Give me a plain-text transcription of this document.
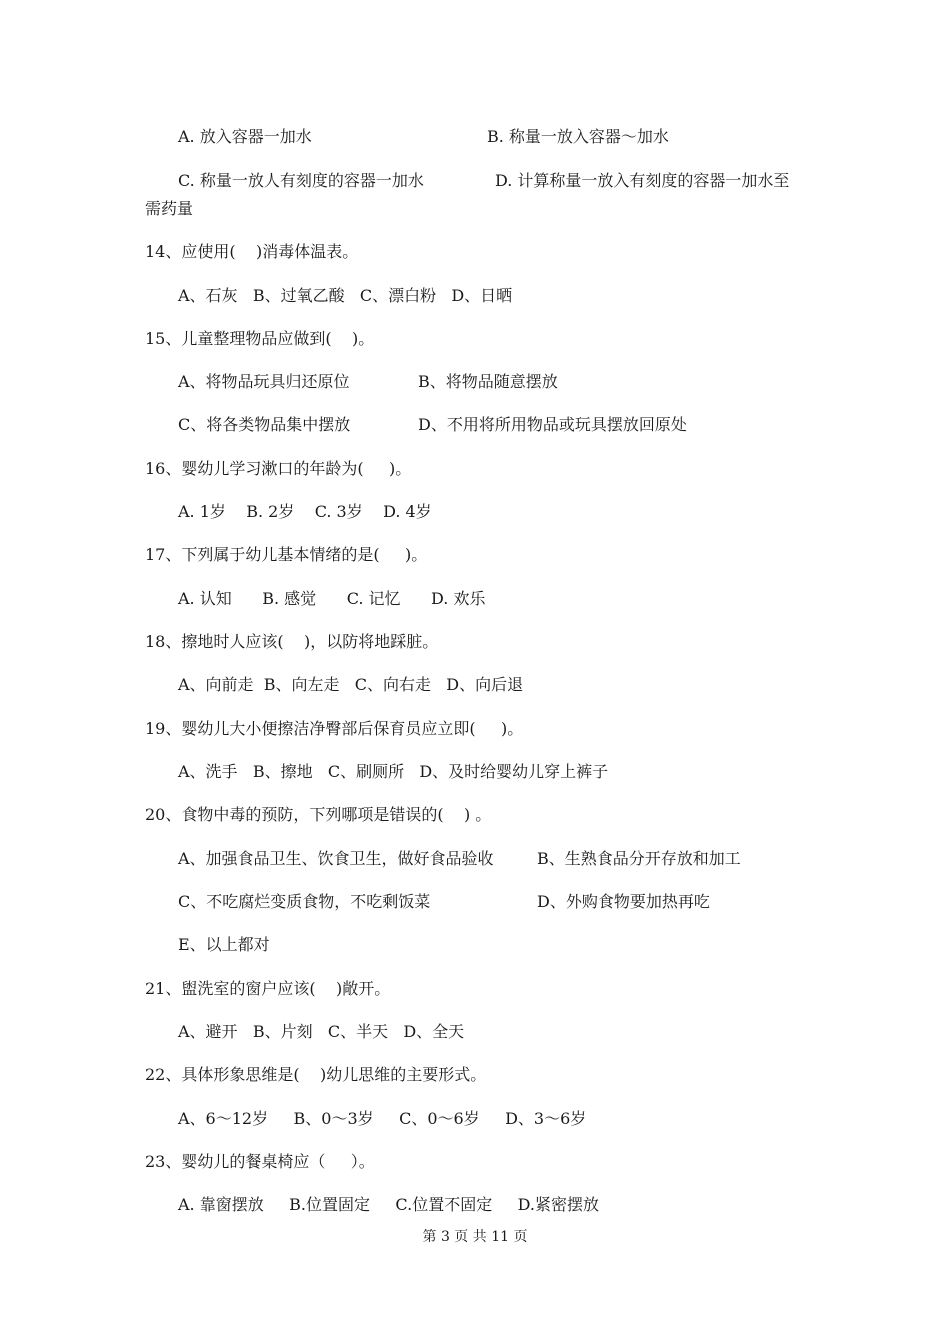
A. 放入容器一加水	B. 称量一放入容器～加水
C. 称量一放人有刻度的容器一加水	D. 计算称量一放入有刻度的容器一加水至
需药量
14、应使用(    )消毒体温表。
A、石灰   B、过氧乙酸   C、漂白粉   D、日晒
15、儿童整理物品应做到(    )。
A、将物品玩具归还原位	B、将物品随意摆放
C、将各类物品集中摆放	D、不用将所用物品或玩具摆放回原处
16、婴幼儿学习漱口的年龄为(     )。
A. 1岁    B. 2岁    C. 3岁    D. 4岁
17、下列属于幼儿基本情绪的是(     )。
A. 认知      B. 感觉      C. 记忆      D. 欢乐
18、擦地时人应该(    )，以防将地踩脏。
A、向前走  B、向左走   C、向右走   D、向后退
19、婴幼儿大小便擦洁净臀部后保育员应立即(     )。
A、洗手   B、擦地   C、刷厕所   D、及时给婴幼儿穿上裤子
20、食物中毒的预防，下列哪项是错误的(    ) 。
A、加强食品卫生、饮食卫生，做好食品验收	B、生熟食品分开存放和加工
C、不吃腐烂变质食物，不吃剩饭菜	D、外购食物要加热再吃
E、以上都对
21、盥洗室的窗户应该(    )敞开。
A、避开   B、片刻   C、半天   D、全天
22、具体形象思维是(    )幼儿思维的主要形式。
A、6～12岁     B、0～3岁     C、0～6岁     D、3～6岁
23、婴幼儿的餐桌椅应（     ）。
A. 靠窗摆放     B.位置固定     C.位置不固定     D.紧密摆放
第 3 页 共 11 页
